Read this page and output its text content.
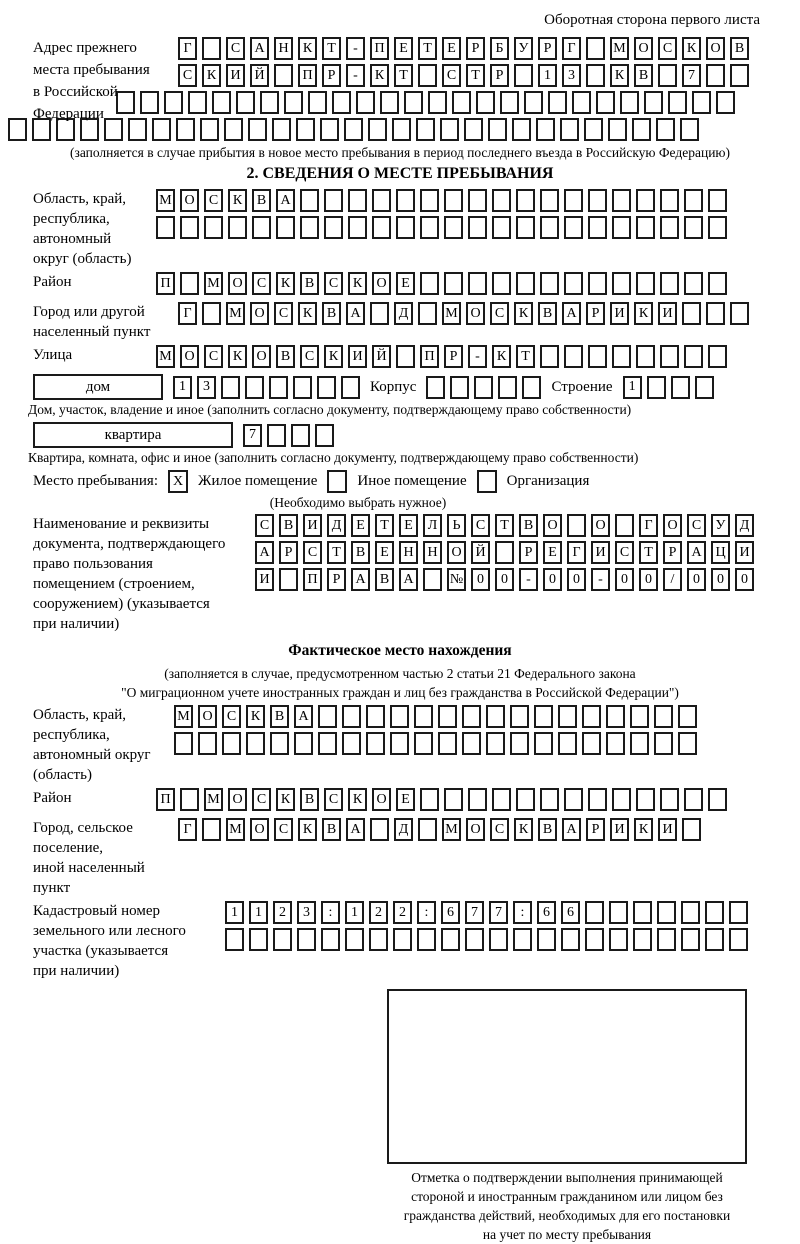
Оборотная сторона первого листа
Адрес прежнего
места пребывания
в Российской
Федерации
Г	С	А Н	К	Т	-	П	Е	Т	Е	Р	Б	У	Р	Г	М О	С	К	О	В
С	К	И Й	П	Р	-	К	Т	С	Т	Р	1	3	К	В	7
(заполняется в случае прибытия в новое место пребывания в период последнего въезда в Российскую Федерацию)
2. СВЕДЕНИЯ О МЕСТЕ ПРЕБЫВАНИЯ
Область, край,
республика,
автономный
округ (область)
М О	С	К	В	А
Район	П	М О	С	К	В	С	К	О	Е
Город или другой
населенный пункт
Г	М О	С	К	В	А	Д	М О	С	К	В	А	Р	И	К	И
Улица	М О	С	К	О	В	С	К	И Й	П	Р	-	К	Т
дом	1	3	Корпус	Строение	1
Дом, участок, владение и иное (заполнить согласно документу, подтверждающему право собственности)
квартира	7
Квартира, комната, офис и иное (заполнить согласно документу, подтверждающему право собственности)
Место пребывания:	X Жилое помещение	Иное помещение	Организация
(Необходимо выбрать нужное)
Наименование и реквизиты
документа, подтверждающего
право пользования
помещением (строением,
сооружением) (указывается
при наличии)
С	В	И	Д	Е	Т	Е	Л	Ь	С	Т	В	О	О	Г	О	С	У	Д
А	Р	С	Т	В	Е	Н Н О Й	Р	Е	Г	И	С	Т	Р	А Ц И
И	П	Р	А	В	А	№ 0	0	-	0	0	-	0	0	/	0	0	0
Фактическое место нахождения
(заполняется в случае, предусмотренном частью 2 статьи 21 Федерального закона
"О миграционном учете иностранных граждан и лиц без гражданства в Российской Федерации")
Область, край,
республика,
автономный округ
(область)
М О	С	К	В	А
Район	П	М О	С	К	В	С	К	О	Е
Город, сельское поселение,
иной населенный пункт
Г	М О	С	К	В	А	Д	М О	С	К	В	А	Р	И	К	И
Кадастровый номер
земельного или лесного
участка (указывается
при наличии)
1	1	2	3	:	1	2	2	:	6	7	7	:	6	6
Отметка о подтверждении выполнения принимающей
стороной и иностранным гражданином или лицом без
гражданства действий, необходимых для его постановки
на учет по месту пребывания
